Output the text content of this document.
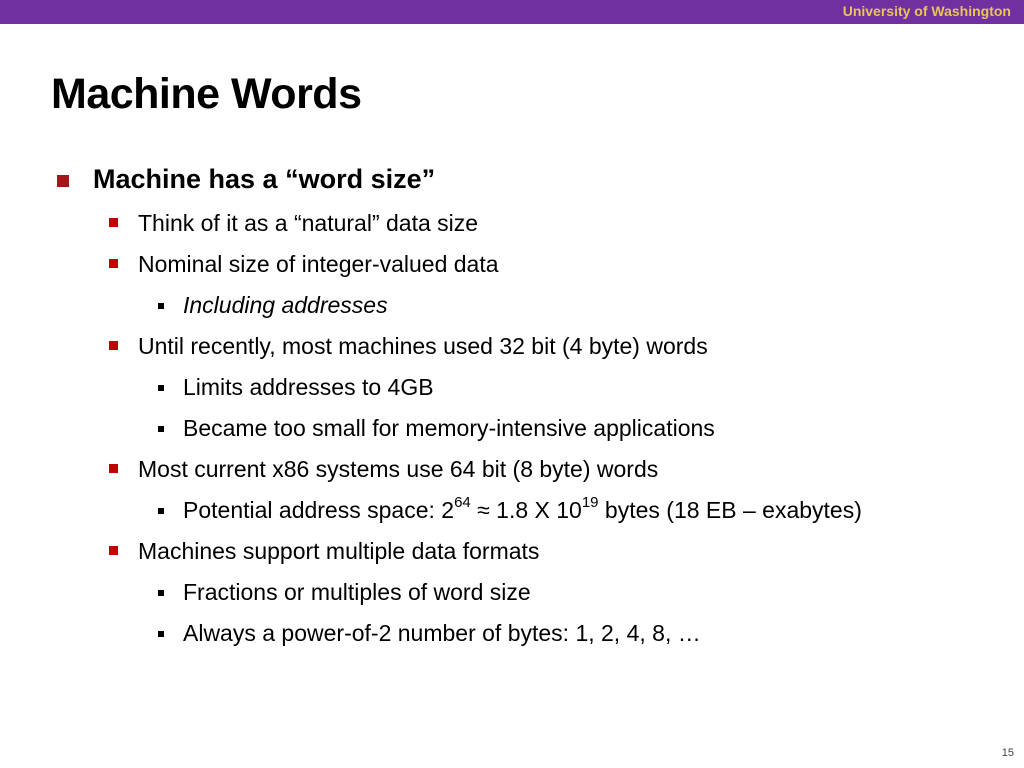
University of Washington
Machine Words
Machine has a “word size”
Think of it as a “natural” data size
Nominal size of integer-valued data
Including addresses
Until recently, most machines used 32 bit (4 byte) words
Limits addresses to 4GB
Became too small for memory-intensive applications
Most current x86 systems use 64 bit (8 byte) words
Potential address space: $2^{64} \approx 1.8$ X $10^{19}$ bytes (18 EB – exabytes)
Machines support multiple data formats
Fractions or multiples of word size
Always a power-of-2 number of bytes: 1, 2, 4, 8, …
15
